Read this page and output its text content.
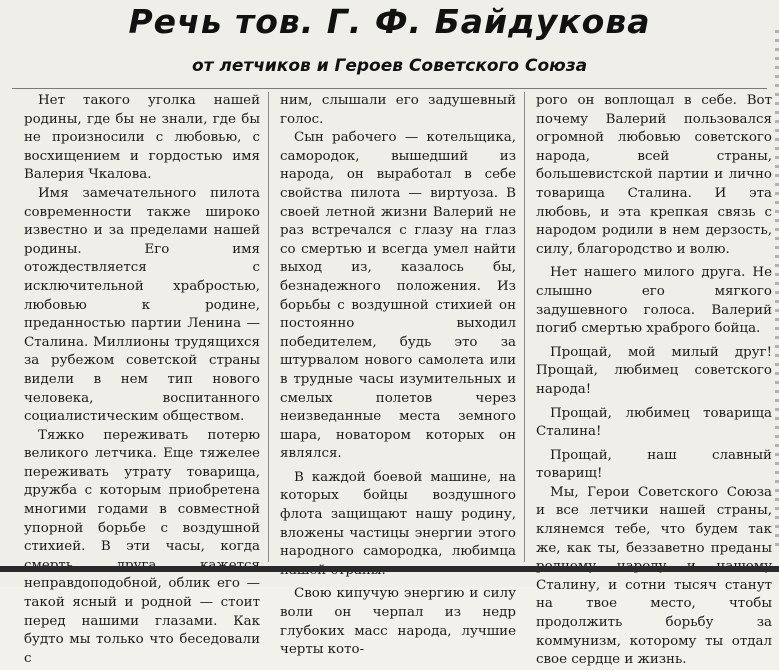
Речь тов. Г. Ф. Байдукова
от летчиков и Героев Советского Союза

Нет такого уголка нашей родины, где бы не знали, где бы не произносили с любовью, с восхищением и гордостью имя Валерия Чкалова.

Имя замечательного пилота современности также широко известно и за пределами нашей родины. Его имя отождествляется с исключительной храбростью, любовью к родине, преданностью партии Ленина — Сталина. Миллионы трудящихся за рубежом советской страны видели в нем тип нового человека, воспитанного социалистическим обществом.

Тяжко переживать потерю великого летчика. Еще тяжелее переживать утрату товарища, дружба с которым приобретена многими годами в совместной упорной борьбе с воздушной стихией. В эти часы, когда неправдоподобной, облик его — такой ясный и родной — стоит перед нашими глазами. Как будто мы только что беседовали с

ним, слышали его задушевный голос.

Сын рабочего — котельщика, самородок, вышедший из народа, он выработал в себе свойства пилота — виртуоза. В своей летной жизни Валерий не раз встречался с глазу на глаз со смертью и всегда умел найти выход из, казалось бы, безнадежного положения. Из борьбы с воздушной стихией он постоянно выходил победителем, будь это за штурвалом нового самолета или в трудные часы изумительных и смелых полетов через неизведанные места земного шара, новатором которых он являлся.

В каждой боевой машине, на которых бойцы воздушного флота защищают нашу родину, вложены частицы энергии этого народного самородка, любимца

Свою кипучую энергию и силу воли он черпал из недр глубоких масс народа, лучшие черты кото-

рого он воплощал в себе. Вот почему Валерий пользовался огромной любовью советского народа, всей страны, большевистской партии и лично товарища Сталина. И эта любовь, и эта крепкая связь с народом родили в нем дерзость, силу, благородство и волю.

Нет нашего милого друга. Не слышно его мягкого задушевного голоса. Валерий погиб смертью храброго бойца.

Прощай, мой милый друг! Прощай, любимец советского народа!

Прощай, любимец товарища Сталина!

Прощай, наш славный товарищ!

Мы, Герои Советского Союза и все летчики нашей страны, клянемся тебе, что будем так же, как ты, беззаветно преданы Сталину, и сотни тысяч станут на твое место, чтобы продолжить борьбу за коммунизм, которому ты отдал свое сердце и жизнь.
